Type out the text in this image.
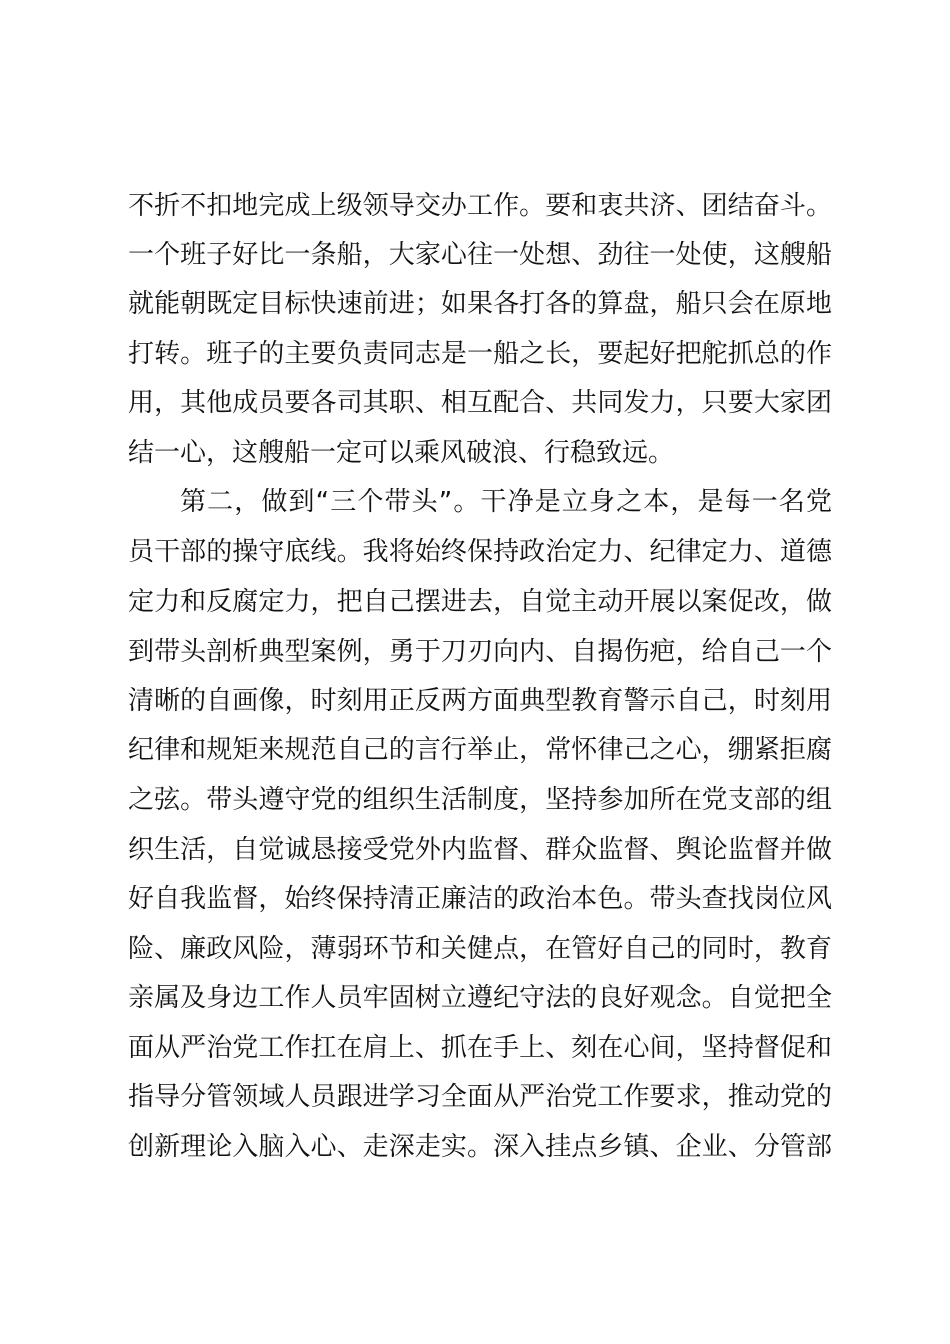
不折不扣地完成上级领导交办工作。要和衷共济、团结奋斗。
一个班子好比一条船，大家心往一处想、劲往一处使，这艘船
就能朝既定目标快速前进；如果各打各的算盘，船只会在原地
打转。班子的主要负责同志是一船之长，要起好把舵抓总的作
用，其他成员要各司其职、相互配合、共同发力，只要大家团
结一心，这艘船一定可以乘风破浪、行稳致远。
第二，做到“三个带头”。干净是立身之本，是每一名党
员干部的操守底线。我将始终保持政治定力、纪律定力、道德
定力和反腐定力，把自己摆进去，自觉主动开展以案促改，做
到带头剖析典型案例，勇于刀刃向内、自揭伤疤，给自己一个
清晰的自画像，时刻用正反两方面典型教育警示自己，时刻用
纪律和规矩来规范自己的言行举止，常怀律己之心，绷紧拒腐
之弦。带头遵守党的组织生活制度，坚持参加所在党支部的组
织生活，自觉诚恳接受党外内监督、群众监督、舆论监督并做
好自我监督，始终保持清正廉洁的政治本色。带头查找岗位风
险、廉政风险，薄弱环节和关健点，在管好自己的同时，教育
亲属及身边工作人员牢固树立遵纪守法的良好观念。自觉把全
面从严治党工作扛在肩上、抓在手上、刻在心间，坚持督促和
指导分管领域人员跟进学习全面从严治党工作要求，推动党的
创新理论入脑入心、走深走实。深入挂点乡镇、企业、分管部
